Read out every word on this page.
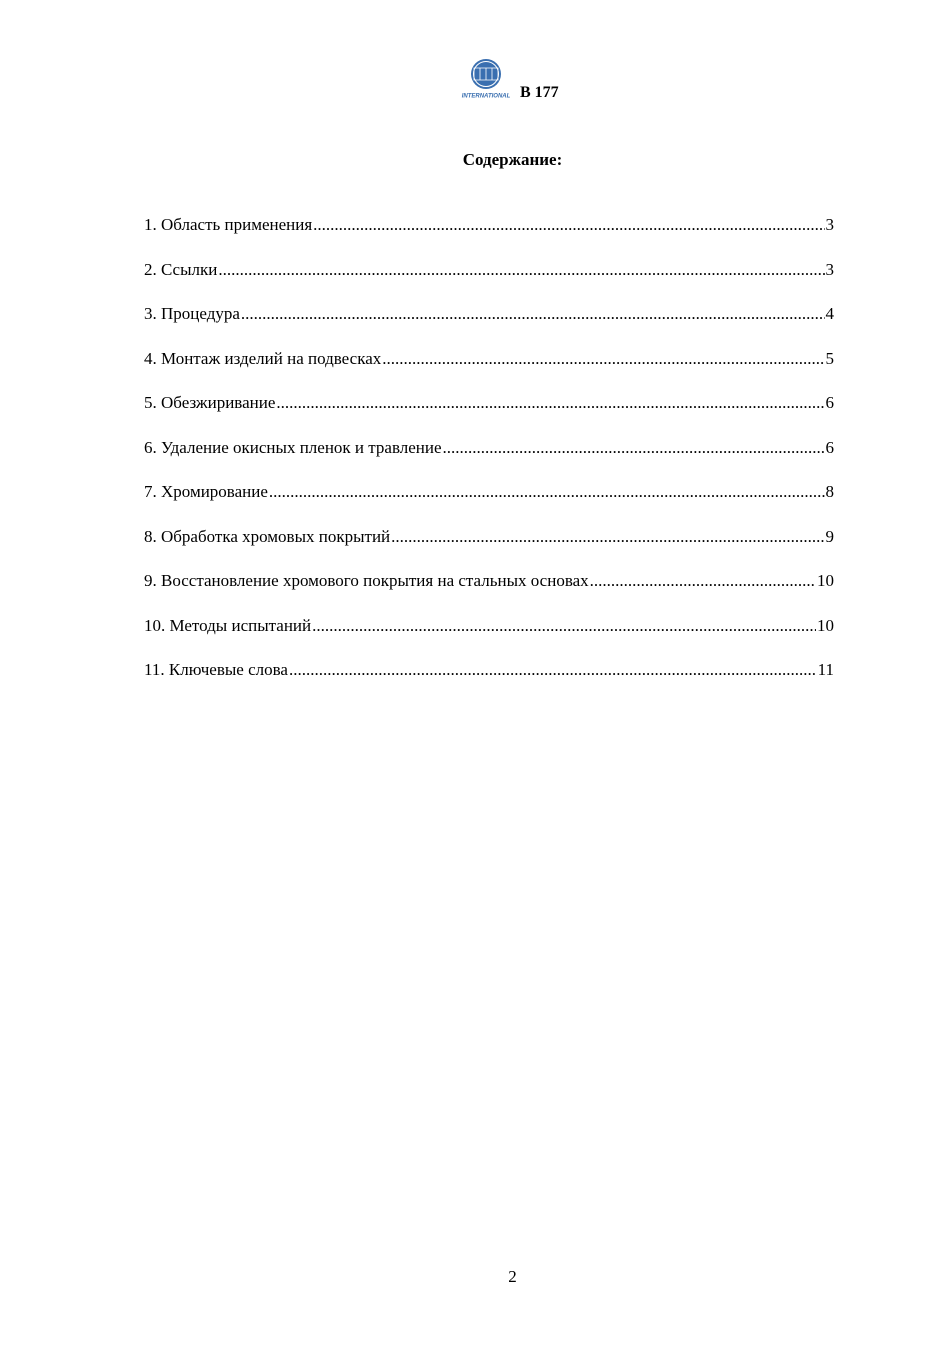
INTERNATIONAL B 177
Содержание:
1. Область применения .....	3
2. Ссылки .....	3
3. Процедура .....	4
4. Монтаж изделий на подвесках .....	5
5. Обезжиривание .....	6
6. Удаление окисных пленок и травление .....	6
7. Хромирование .....	8
8. Обработка хромовых покрытий .....	9
9. Восстановление хромового покрытия на стальных основах .....	10
10. Методы испытаний .....	10
11. Ключевые слова .....	11
2
